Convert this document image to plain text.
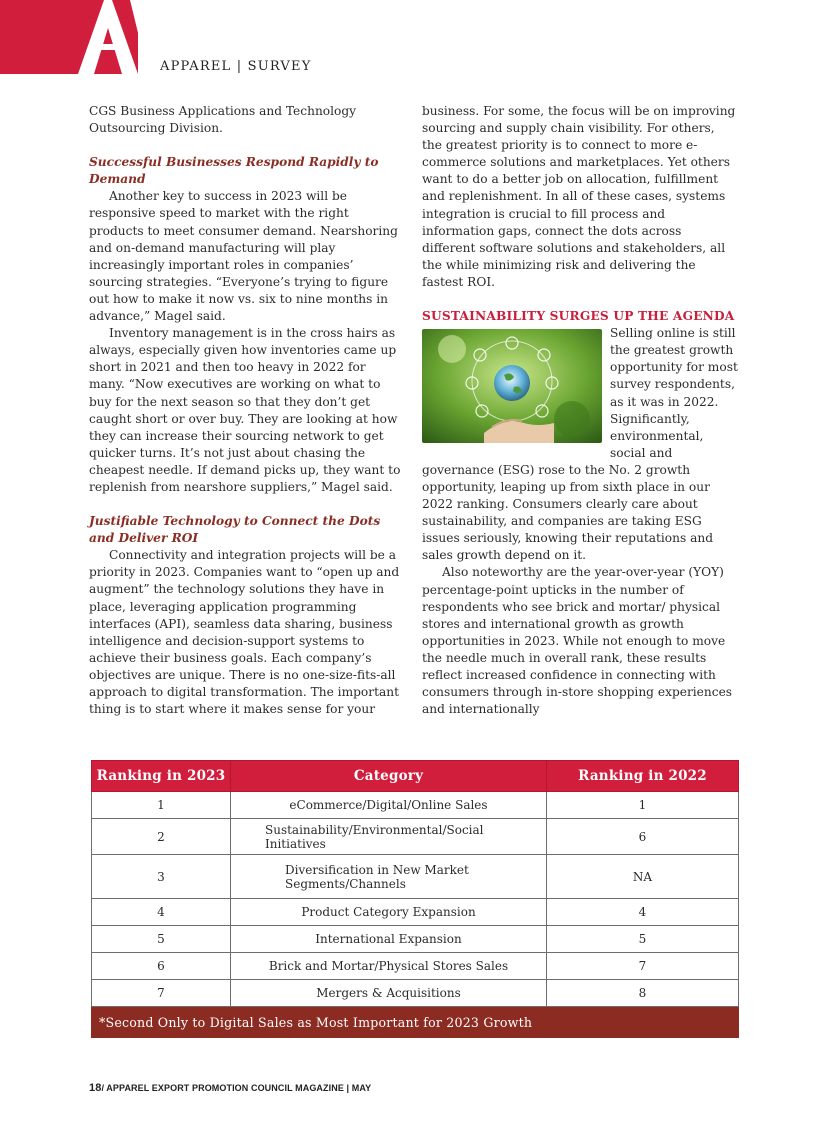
APPAREL | SURVEY

CGS Business Applications and Technology Outsourcing Division.

Successful Businesses Respond Rapidly to Demand

Another key to success in 2023 will be responsive speed to market with the right products to meet consumer demand. Nearshoring and on-demand manufacturing will play increasingly important roles in companies’ sourcing strategies. “Everyone’s trying to figure out how to make it now vs. six to nine months in advance,” Magel said.

Inventory management is in the cross hairs as always, especially given how inventories came up short in 2021 and then too heavy in 2022 for many. “Now executives are working on what to buy for the next season so that they don’t get caught short or over buy. They are looking at how they can increase their sourcing network to get quicker turns. It’s not just about chasing the cheapest needle. If demand picks up, they want to replenish from nearshore suppliers,” Magel said.

Justifiable Technology to Connect the Dots and Deliver ROI

Connectivity and integration projects will be a priority in 2023. Companies want to “open up and augment” the technology solutions they have in place, leveraging application programming interfaces (API), seamless data sharing, business intelligence and decision-support systems to achieve their business goals. Each company’s objectives are unique. There is no one-size-fits-all approach to digital transformation. The important thing is to start where it makes sense for your

business. For some, the focus will be on improving sourcing and supply chain visibility. For others, the greatest priority is to connect to more e-commerce solutions and marketplaces. Yet others want to do a better job on allocation, fulfillment and replenishment. In all of these cases, systems integration is crucial to fill process and information gaps, connect the dots across different software solutions and stakeholders, all the while minimizing risk and delivering the fastest ROI.

SUSTAINABILITY SURGES UP THE AGENDA

Selling online is still the greatest growth opportunity for most survey respondents, as it was in 2022. Significantly, environmental, social and governance (ESG) rose to the No. 2 growth opportunity, leaping up from sixth place in our 2022 ranking. Consumers clearly care about sustainability, and companies are taking ESG issues seriously, knowing their reputations and sales growth depend on it.

Also noteworthy are the year-over-year (YOY) percentage-point upticks in the number of respondents who see brick and mortar/ physical stores and international growth as growth opportunities in 2023. While not enough to move the needle much in overall rank, these results reflect increased confidence in connecting with consumers through in-store shopping experiences and internationally

Ranking in 2023	Category	Ranking in 2022
1	eCommerce/Digital/Online Sales	1
2	Sustainability/Environmental/Social Initiatives	6
3	Diversification in New Market Segments/Channels	NA
4	Product Category Expansion	4
5	International Expansion	5
6	Brick and Mortar/Physical Stores Sales	7
7	Mergers & Acquisitions	8
*Second Only to Digital Sales as Most Important for 2023 Growth		
18/ APPAREL EXPORT PROMOTION COUNCIL MAGAZINE | MAY
